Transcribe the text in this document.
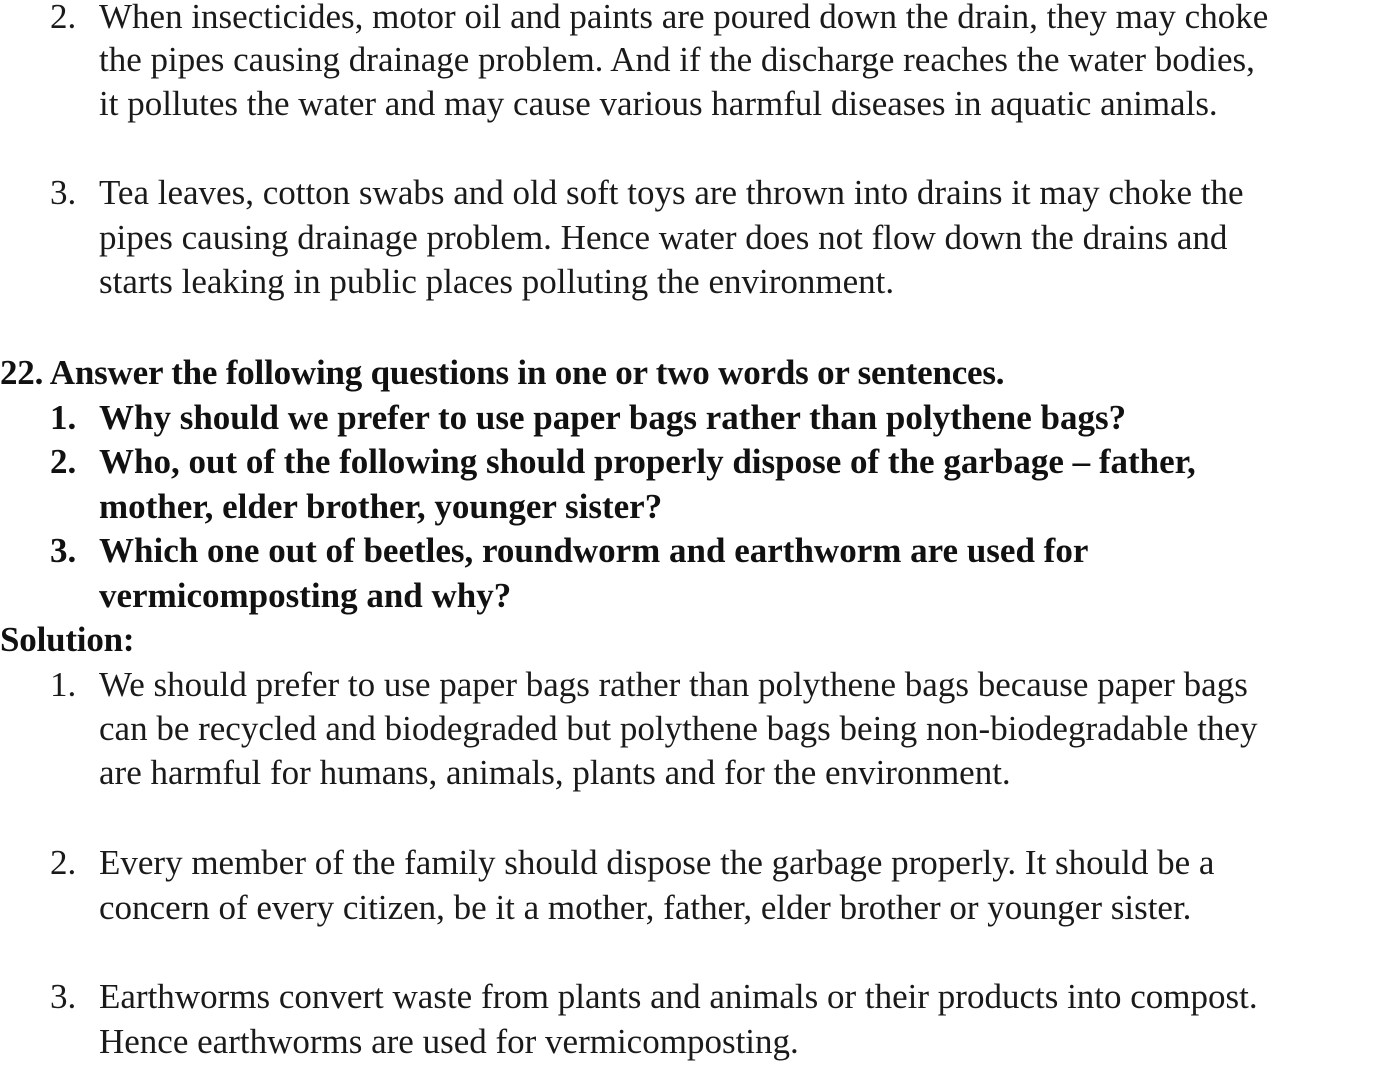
2. When insecticides, motor oil and paints are poured down the drain, they may choke
the pipes causing drainage problem. And if the discharge reaches the water bodies,
it pollutes the water and may cause various harmful diseases in aquatic animals.
3. Tea leaves, cotton swabs and old soft toys are thrown into drains it may choke the
pipes causing drainage problem. Hence water does not flow down the drains and
starts leaking in public places polluting the environment.
22. Answer the following questions in one or two words or sentences.
1. Why should we prefer to use paper bags rather than polythene bags?
2. Who, out of the following should properly dispose of the garbage – father,
mother, elder brother, younger sister?
3. Which one out of beetles, roundworm and earthworm are used for
vermicomposting and why?
Solution:
1. We should prefer to use paper bags rather than polythene bags because paper bags
can be recycled and biodegraded but polythene bags being non-biodegradable they
are harmful for humans, animals, plants and for the environment.
2. Every member of the family should dispose the garbage properly. It should be a
concern of every citizen, be it a mother, father, elder brother or younger sister.
3. Earthworms convert waste from plants and animals or their products into compost.
Hence earthworms are used for vermicomposting.
